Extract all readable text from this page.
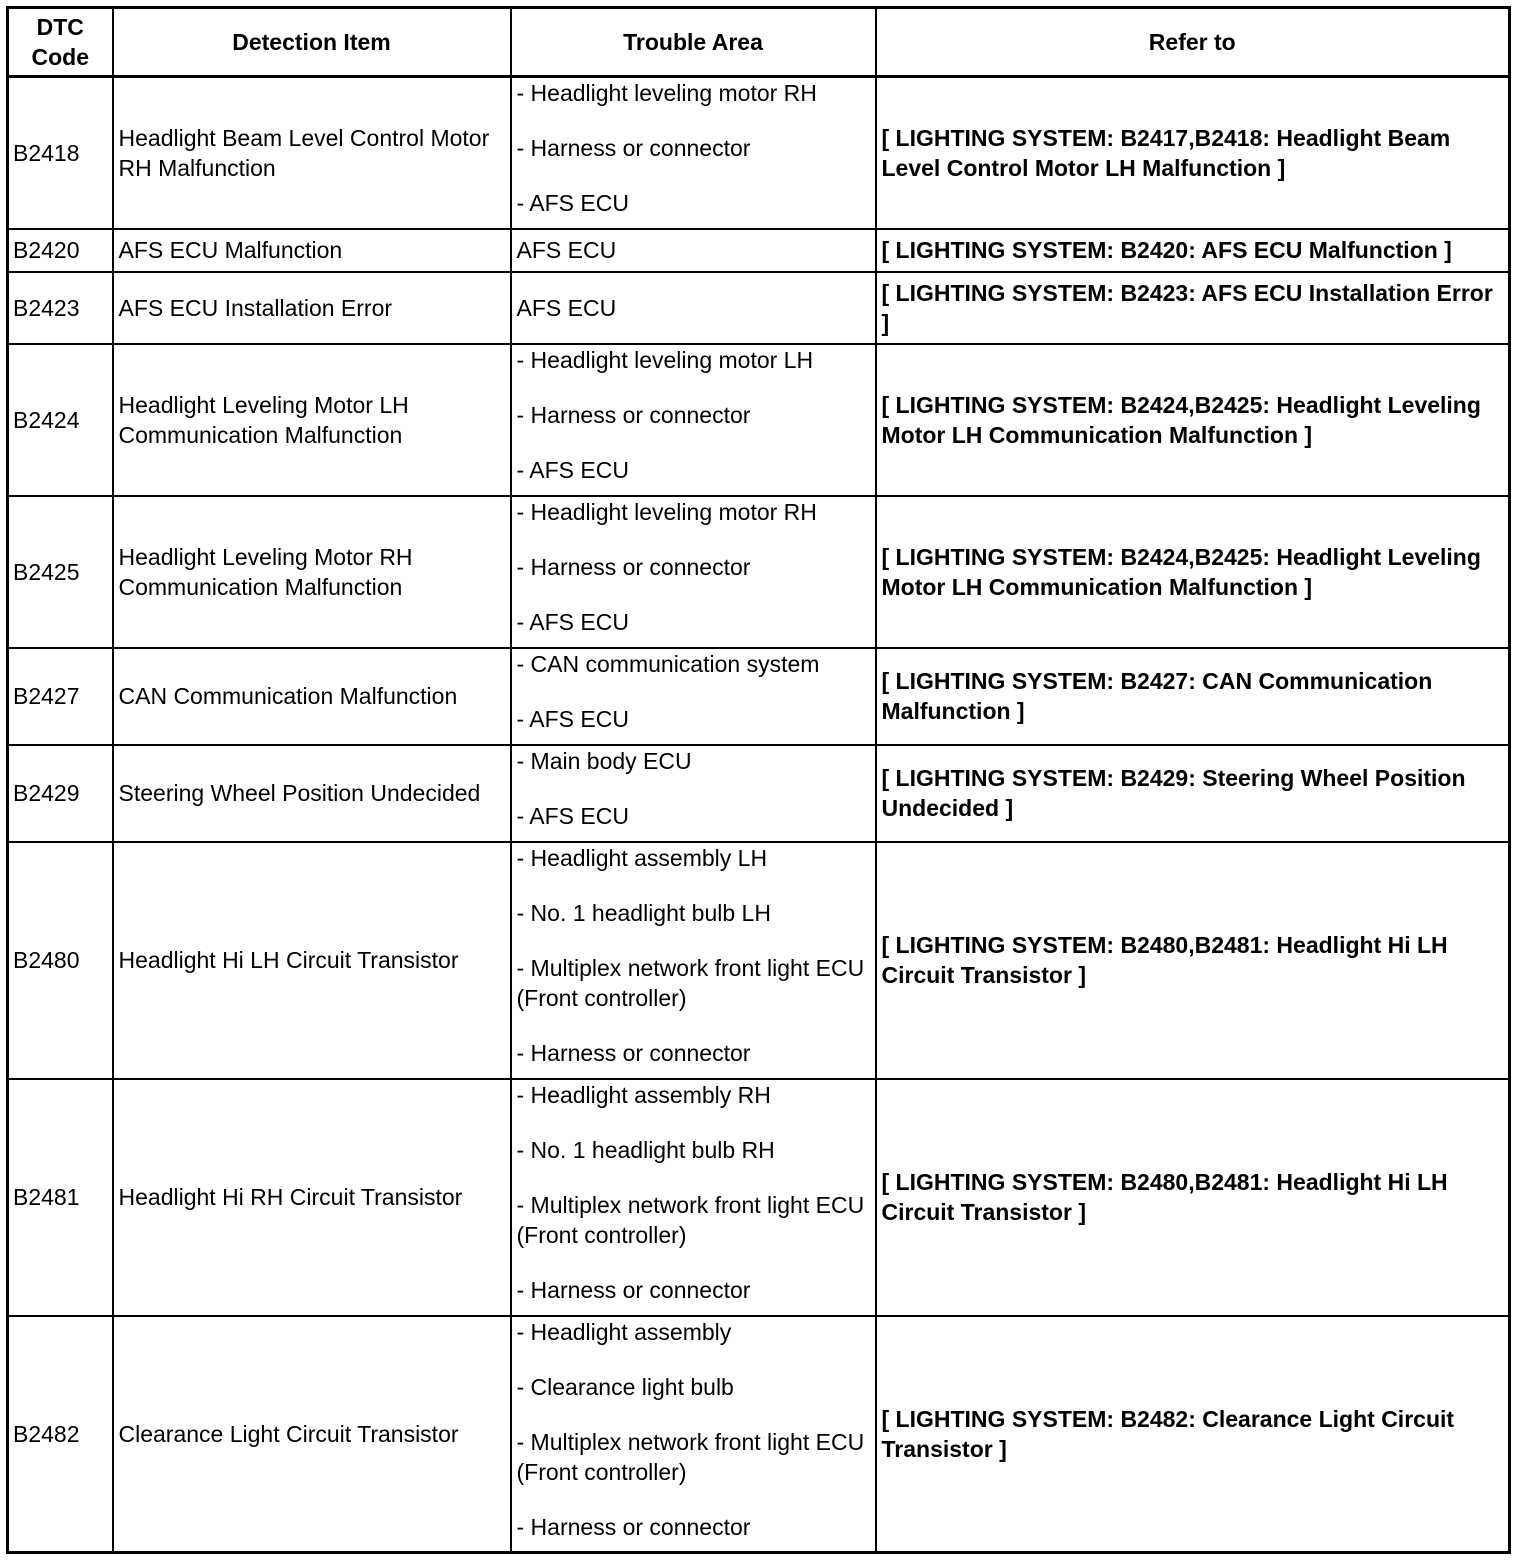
DTC
Code	Detection Item	Trouble Area	Refer to
B2418	Headlight Beam Level Control Motor RH Malfunction	- Headlight leveling motor RH
- Harness or connector
- AFS ECU	[ LIGHTING SYSTEM: B2417,B2418: Headlight Beam Level Control Motor LH Malfunction ]
B2420	AFS ECU Malfunction	AFS ECU	[ LIGHTING SYSTEM: B2420: AFS ECU Malfunction ]
B2423	AFS ECU Installation Error	AFS ECU	[ LIGHTING SYSTEM: B2423: AFS ECU Installation Error ]
B2424	Headlight Leveling Motor LH Communication Malfunction	- Headlight leveling motor LH
- Harness or connector
- AFS ECU	[ LIGHTING SYSTEM: B2424,B2425: Headlight Leveling Motor LH Communication Malfunction ]
B2425	Headlight Leveling Motor RH Communication Malfunction	- Headlight leveling motor RH
- Harness or connector
- AFS ECU	[ LIGHTING SYSTEM: B2424,B2425: Headlight Leveling Motor LH Communication Malfunction ]
B2427	CAN Communication Malfunction	- CAN communication system
- AFS ECU	[ LIGHTING SYSTEM: B2427: CAN Communication Malfunction ]
B2429	Steering Wheel Position Undecided	- Main body ECU
- AFS ECU	[ LIGHTING SYSTEM: B2429: Steering Wheel Position Undecided ]
B2480	Headlight Hi LH Circuit Transistor	- Headlight assembly LH
- No. 1 headlight bulb LH
- Multiplex network front light ECU (Front controller)
- Harness or connector	[ LIGHTING SYSTEM: B2480,B2481: Headlight Hi LH Circuit Transistor ]
B2481	Headlight Hi RH Circuit Transistor	- Headlight assembly RH
- No. 1 headlight bulb RH
- Multiplex network front light ECU (Front controller)
- Harness or connector	[ LIGHTING SYSTEM: B2480,B2481: Headlight Hi LH Circuit Transistor ]
B2482	Clearance Light Circuit Transistor	- Headlight assembly
- Clearance light bulb
- Multiplex network front light ECU (Front controller)
- Harness or connector	[ LIGHTING SYSTEM: B2482: Clearance Light Circuit Transistor ]
